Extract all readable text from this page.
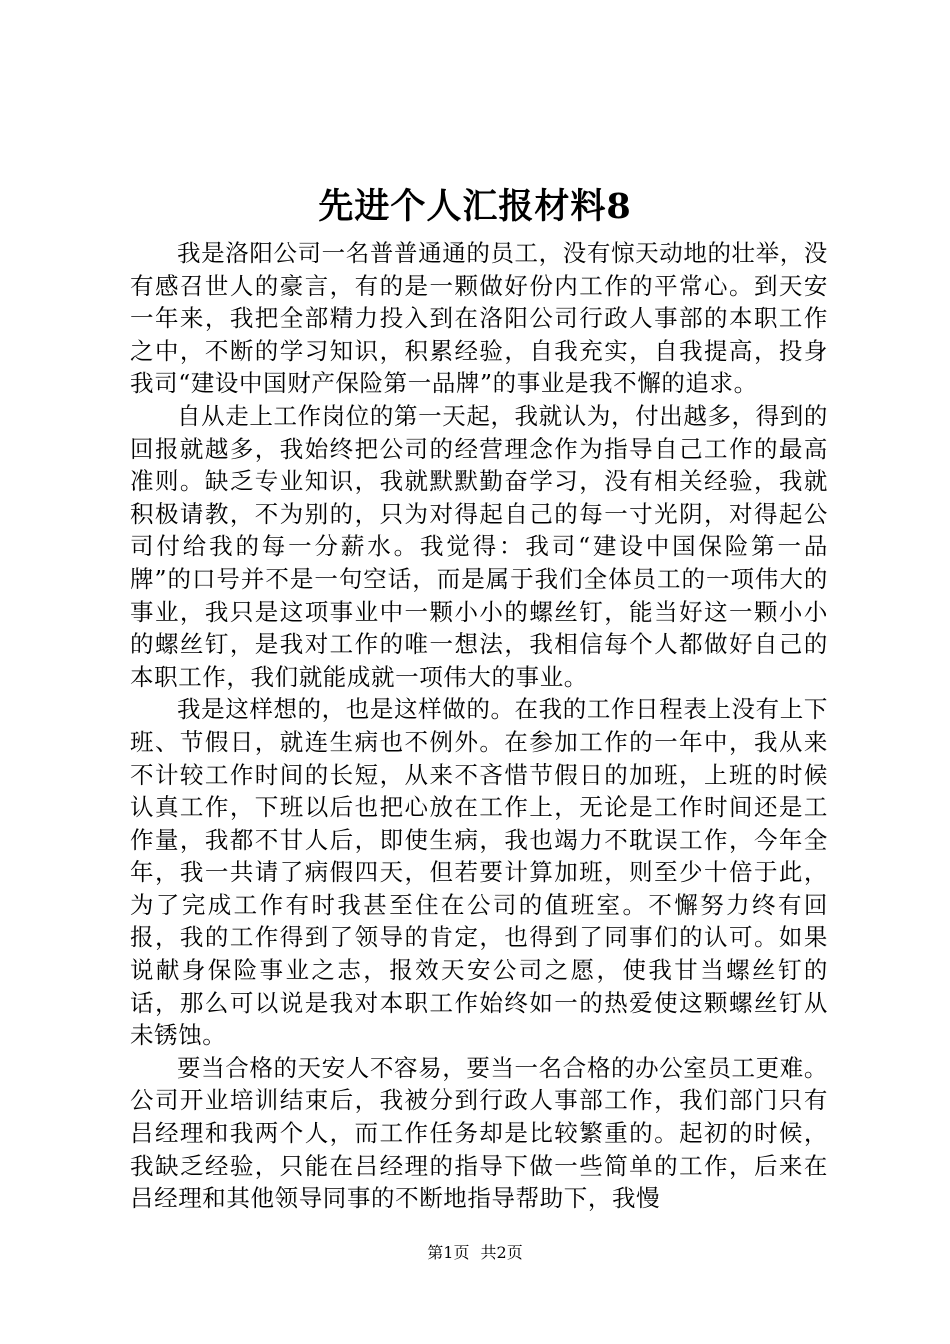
先进个人汇报材料8

我是洛阳公司一名普普通通的员工，没有惊天动地的壮举，没有感召世人的豪言，有的是一颗做好份内工作的平常心。到天安一年来，我把全部精力投入到在洛阳公司行政人事部的本职工作之中，不断的学习知识，积累经验，自我充实，自我提高，投身我司“建设中国财产保险第一品牌”的事业是我不懈的追求。

自从走上工作岗位的第一天起，我就认为，付出越多，得到的回报就越多，我始终把公司的经营理念作为指导自己工作的最高准则。缺乏专业知识，我就默默勤奋学习，没有相关经验，我就积极请教，不为别的，只为对得起自己的每一寸光阴，对得起公司付给我的每一分薪水。我觉得：我司“建设中国保险第一品牌”的口号并不是一句空话，而是属于我们全体员工的一项伟大的事业，我只是这项事业中一颗小小的螺丝钉，能当好这一颗小小的螺丝钉，是我对工作的唯一想法，我相信每个人都做好自己的本职工作，我们就能成就一项伟大的事业。

我是这样想的，也是这样做的。在我的工作日程表上没有上下班、节假日，就连生病也不例外。在参加工作的一年中，我从来不计较工作时间的长短，从来不吝惜节假日的加班，上班的时候认真工作，下班以后也把心放在工作上，无论是工作时间还是工作量，我都不甘人后，即使生病，我也竭力不耽误工作，今年全年，我一共请了病假四天，但若要计算加班，则至少十倍于此，为了完成工作有时我甚至住在公司的值班室。不懈努力终有回报，我的工作得到了领导的肯定，也得到了同事们的认可。如果说献身保险事业之志，报效天安公司之愿，使我甘当螺丝钉的话，那么可以说是我对本职工作始终如一的热爱使这颗螺丝钉从未锈蚀。

要当合格的天安人不容易，要当一名合格的办公室员工更难。公司开业培训结束后，我被分到行政人事部工作，我们部门只有吕经理和我两个人，而工作任务却是比较繁重的。起初的时候，我缺乏经验，只能在吕经理的指导下做一些简单的工作，后来在吕经理和其他领导同事的不断地指导帮助下，我慢

第1页 共2页
